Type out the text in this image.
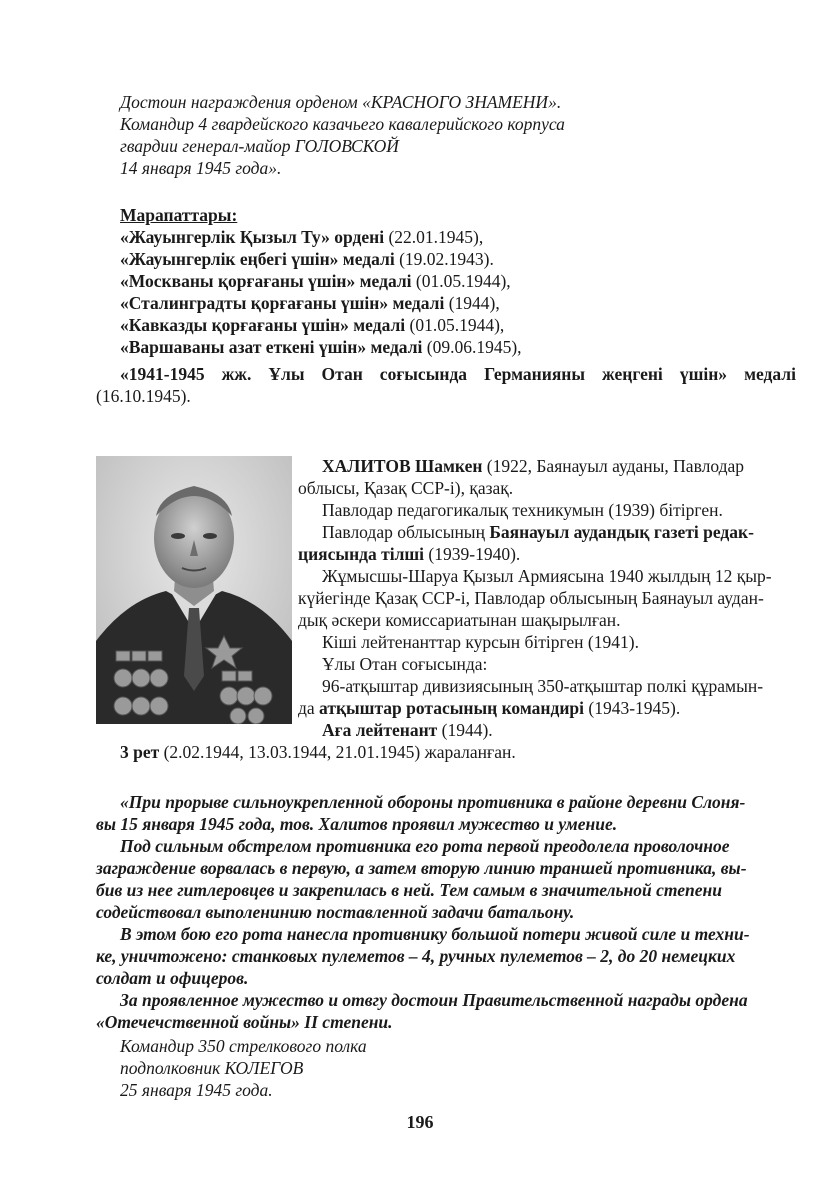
Достоин награждения орденом «КРАСНОГО ЗНАМЕНИ».
Командир 4 гвардейского казачьего кавалерийского корпуса
гвардии генерал-майор ГОЛОВСКОЙ
14 января 1945 года».
Марапаттары:
«Жауынгерлік Қызыл Ту» ордені (22.01.1945),
«Жауынгерлік еңбегі үшін» медалі (19.02.1943).
«Москваны қорғағаны үшін» медалі (01.05.1944),
«Сталинградты қорғағаны үшін» медалі (1944),
«Кавказды қорғағаны үшін» медалі (01.05.1944),
«Варшаваны азат еткені үшін» медалі (09.06.1945),
«1941-1945 жж. Ұлы Отан соғысында Германияны жеңгені үшін» медалі
(16.10.1945).
ХАЛИТОВ Шамкен (1922, Баянауыл ауданы, Павлодар
облысы, Қазақ ССР-і), қазақ.
Павлодар педагогикалық техникумын (1939) бітірген.
Павлодар облысының Баянауыл аудандық газеті редак-
циясында тілші (1939-1940).
Жұмысшы-Шаруа Қызыл Армиясына 1940 жылдың 12 қыр-
күйегінде Қазақ ССР-і, Павлодар облысының Баянауыл аудан-
дық әскери комиссариатынан шақырылған.
Кіші лейтенанттар курсын бітірген (1941).
Ұлы Отан соғысында:
96-атқыштар дивизиясының 350-атқыштар полкі құрамын-
да атқыштар ротасының командирі (1943-1945).
Аға лейтенант (1944).
3 рет (2.02.1944, 13.03.1944, 21.01.1945) жараланған.
«При прорыве сильноукрепленной обороны противника в районе деревни Слоня-
вы 15 января 1945 года, тов. Халитов проявил мужество и умение.
Под сильным обстрелом противника его рота первой преодолела проволочное
заграждение ворвалась в первую, а затем вторую линию траншей противника, вы-
бив из нее гитлеровцев и закрепилась в ней. Тем самым в значительной степени
содействовал выполенинию поставленной задачи батальону.
В этом бою его рота нанесла противнику большой потери живой силе и техни-
ке, уничтожено: станковых пулеметов – 4, ручных пулеметов – 2, до 20 немецких
солдат и офицеров.
За проявленное мужество и отвгу достоин Правительственной награды ордена
«Отечечственной войны» II степени.
Командир 350 стрелкового полка
подполковник КОЛЕГОВ
25 января 1945 года.
196
